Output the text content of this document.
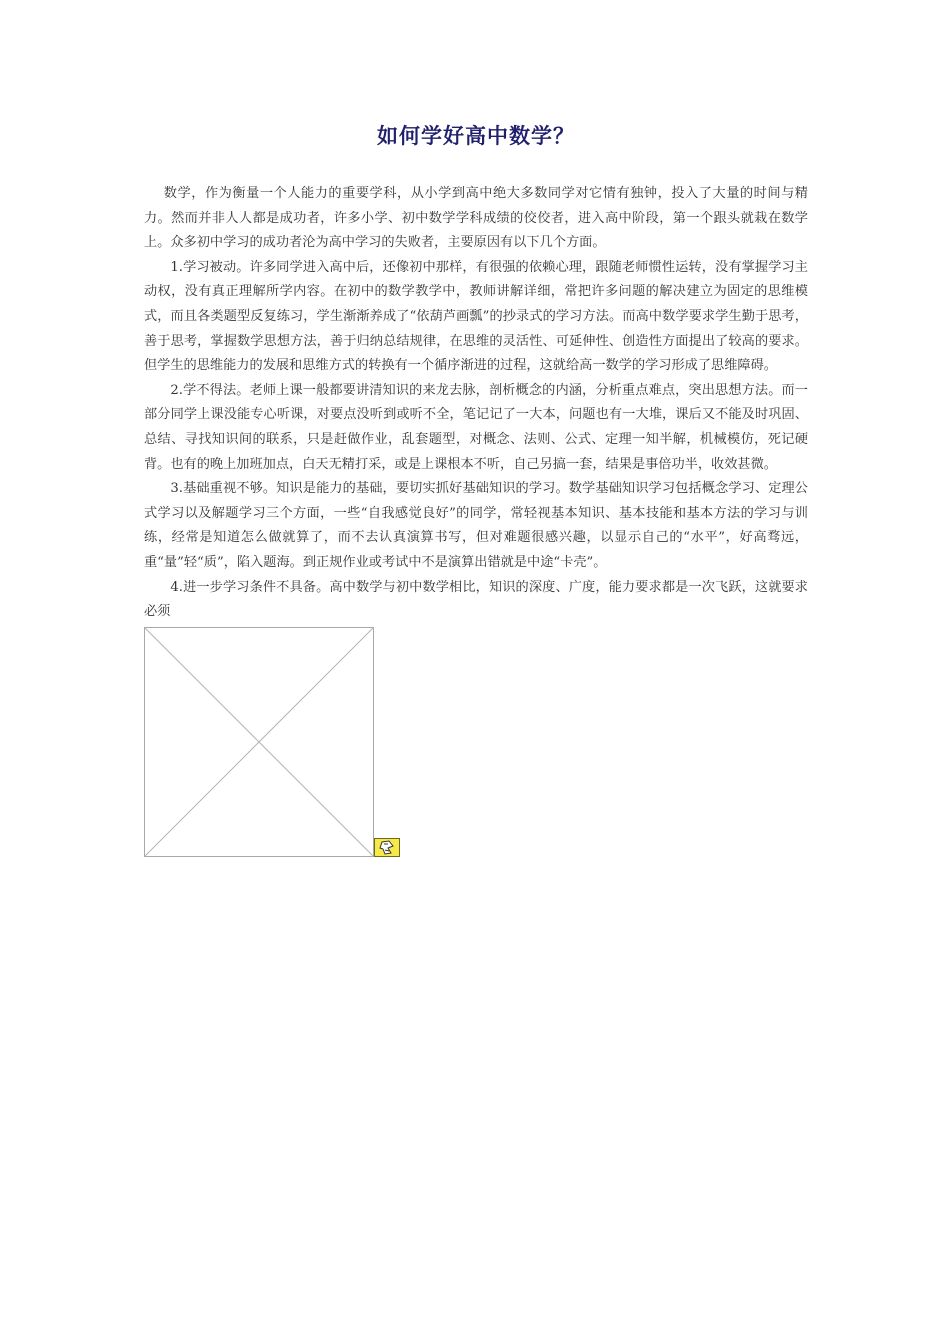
如何学好高中数学？

数学，作为衡量一个人能力的重要学科，从小学到高中绝大多数同学对它情有独钟，投入了大量的时间与精力。然而并非人人都是成功者，许多小学、初中数学学科成绩的佼佼者，进入高中阶段，第一个跟头就栽在数学上。众多初中学习的成功者沦为高中学习的失败者，主要原因有以下几个方面。

1.学习被动。许多同学进入高中后，还像初中那样，有很强的依赖心理，跟随老师惯性运转，没有掌握学习主动权，没有真正理解所学内容。在初中的数学教学中，教师讲解详细，常把许多问题的解决建立为固定的思维模式，而且各类题型反复练习，学生渐渐养成了“依葫芦画瓢”的抄录式的学习方法。而高中数学要求学生勤于思考，善于思考，掌握数学思想方法，善于归纳总结规律，在思维的灵活性、可延伸性、创造性方面提出了较高的要求。但学生的思维能力的发展和思维方式的转换有一个循序渐进的过程，这就给高一数学的学习形成了思维障碍。

2.学不得法。老师上课一般都要讲清知识的来龙去脉，剖析概念的内涵，分析重点难点，突出思想方法。而一部分同学上课没能专心听课，对要点没听到或听不全，笔记记了一大本，问题也有一大堆，课后又不能及时巩固、总结、寻找知识间的联系，只是赶做作业，乱套题型，对概念、法则、公式、定理一知半解，机械模仿，死记硬背。也有的晚上加班加点，白天无精打采，或是上课根本不听，自己另搞一套，结果是事倍功半，收效甚微。

3.基础重视不够。知识是能力的基础，要切实抓好基础知识的学习。数学基础知识学习包括概念学习、定理公式学习以及解题学习三个方面，一些“自我感觉良好”的同学，常轻视基本知识、基本技能和基本方法的学习与训练，经常是知道怎么做就算了，而不去认真演算书写，但对难题很感兴趣，以显示自己的“水平”，好高骛远，重“量”轻“质”，陷入题海。到正规作业或考试中不是演算出错就是中途“卡壳”。

4.进一步学习条件不具备。高中数学与初中数学相比，知识的深度、广度，能力要求都是一次飞跃，这就要求必须
